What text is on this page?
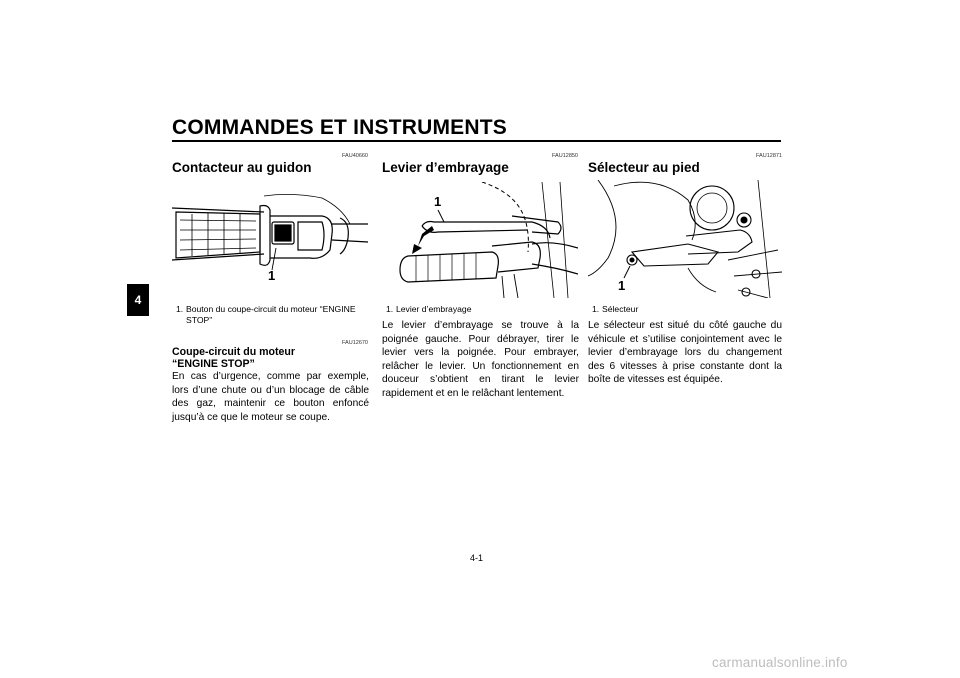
COMMANDES ET INSTRUMENTS
4
FAU40660
Contacteur au guidon
1
1. Bouton du coupe-circuit du moteur “ENGINE
STOP”
FAU12670
Coupe-circuit du moteur “ENGINE STOP”
En cas d’urgence, comme par exemple, lors d’une chute ou d’un blocage de câble des gaz, maintenir ce bouton enfoncé jusqu’à ce que le moteur se coupe.
FAU12850
Levier d’embrayage
1
1. Levier d’embrayage
Le levier d’embrayage se trouve à la poignée gauche. Pour débrayer, tirer le levier vers la poignée. Pour embrayer, relâcher le levier. Un fonctionnement en douceur s’obtient en tirant le levier rapidement et en le relâchant lentement.
FAU12871
Sélecteur au pied
1
1. Sélecteur
Le sélecteur est situé du côté gauche du véhicule et s’utilise conjointement avec le levier d’embrayage lors du changement des 6 vitesses à prise constante dont la boîte de vitesses est équipée.
4-1
carmanualsonline.info
